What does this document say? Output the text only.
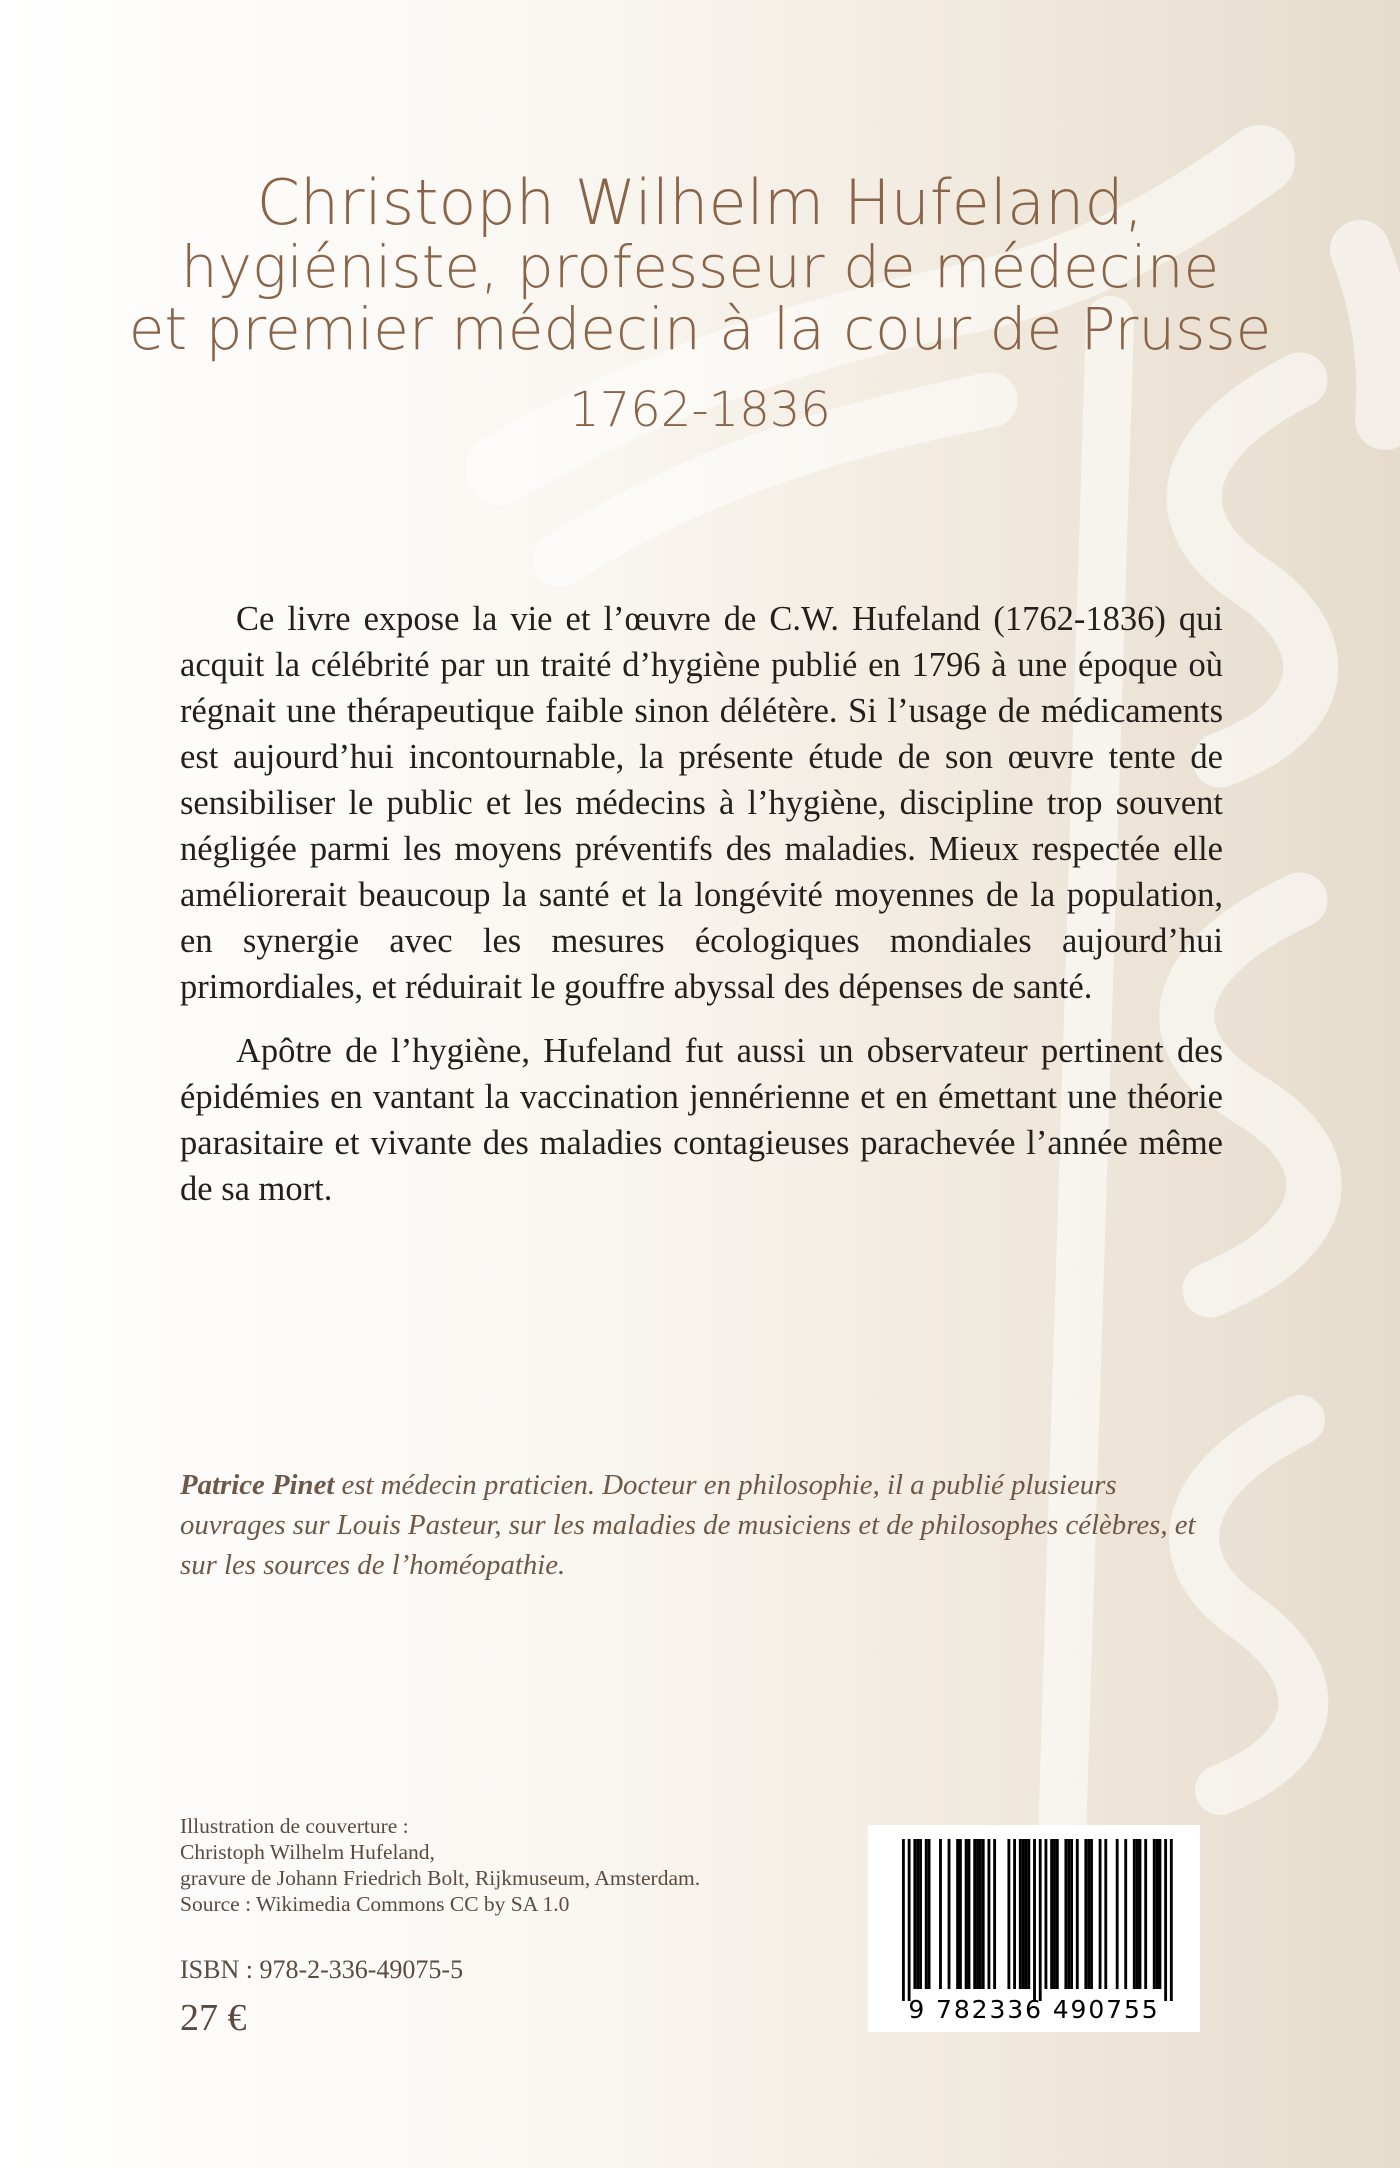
Christoph Wilhelm Hufeland,
hygiéniste, professeur de médecine
et premier médecin à la cour de Prusse
1762-1836

Ce livre expose la vie et l’œuvre de C.W. Hufeland (1762-1836) qui acquit la célébrité par un traité d’hygiène publié en 1796 à une époque où régnait une thérapeutique faible sinon délétère. Si l’usage de médicaments est aujourd’hui incontournable, la présente étude de son œuvre tente de sensibiliser le public et les médecins à l’hygiène, discipline trop souvent négligée parmi les moyens préventifs des maladies. Mieux respectée elle améliorerait beaucoup la santé et la longévité moyennes de la population, en synergie avec les mesures écologiques mondiales aujourd’hui primordiales, et réduirait le gouffre abyssal des dépenses de santé.

Apôtre de l’hygiène, Hufeland fut aussi un observateur pertinent des épidémies en vantant la vaccination jennérienne et en émettant une théorie parasitaire et vivante des maladies contagieuses parachevée l’année même de sa mort.

Patrice Pinet est médecin praticien. Docteur en philosophie, il a publié plusieurs ouvrages sur Louis Pasteur, sur les maladies de musiciens et de philosophes célèbres, et sur les sources de l’homéopathie.
Illustration de couverture :
Christoph Wilhelm Hufeland,
gravure de Johann Friedrich Bolt, Rijkmuseum, Amsterdam.
Source : Wikimedia Commons CC by SA 1.0
ISBN : 978-2-336-49075-5
27 €	9 782336 490755
